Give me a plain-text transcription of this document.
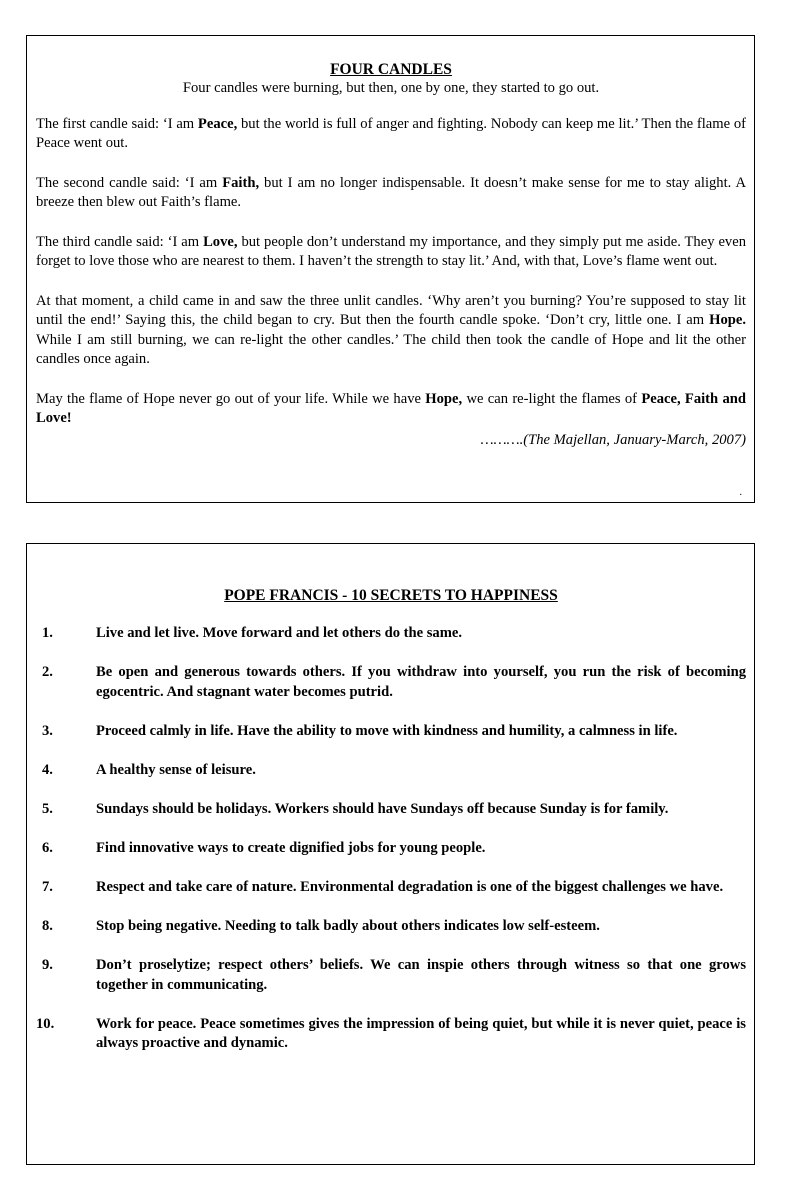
FOUR CANDLES
Four candles were burning, but then, one by one, they started to go out.

The first candle said: ‘I am Peace, but the world is full of anger and fighting. Nobody can keep me lit.’ Then the flame of Peace went out.

The second candle said: ‘I am Faith, but I am no longer indispensable. It doesn’t make sense for me to stay alight. A breeze then blew out Faith’s flame.

The third candle said: ‘I am Love, but people don’t understand my importance, and they simply put me aside. They even forget to love those who are nearest to them. I haven’t the strength to stay lit.’ And, with that, Love’s flame went out.

At that moment, a child came in and saw the three unlit candles. ‘Why aren’t you burning? You’re supposed to stay lit until the end!’ Saying this, the child began to cry. But then the fourth candle spoke. ‘Don’t cry, little one. I am Hope. While I am still burning, we can re-light the other candles.’ The child then took the candle of Hope and lit the other candles once again.

May the flame of Hope never go out of your life. While we have Hope, we can re-light the flames of Peace, Faith and Love!

……….(The Majellan, January-March, 2007)
.
POPE FRANCIS - 10 SECRETS TO HAPPINESS
1.	Live and let live. Move forward and let others do the same.
2.	Be open and generous towards others. If you withdraw into yourself, you run the risk of becoming egocentric. And stagnant water becomes putrid.
3.	Proceed calmly in life. Have the ability to move with kindness and humility, a calmness in life.
4.	A healthy sense of leisure.
5.	Sundays should be holidays. Workers should have Sundays off because Sunday is for family.
6.	Find innovative ways to create dignified jobs for young people.
7.	Respect and take care of nature. Environmental degradation is one of the biggest challenges we have.
8.	Stop being negative. Needing to talk badly about others indicates low self-esteem.
9.	Don’t proselytize; respect others’ beliefs. We can inspie others through witness so that one grows together in communicating.
10.	Work for peace. Peace sometimes gives the impression of being quiet, but while it is never quiet, peace is always proactive and dynamic.
